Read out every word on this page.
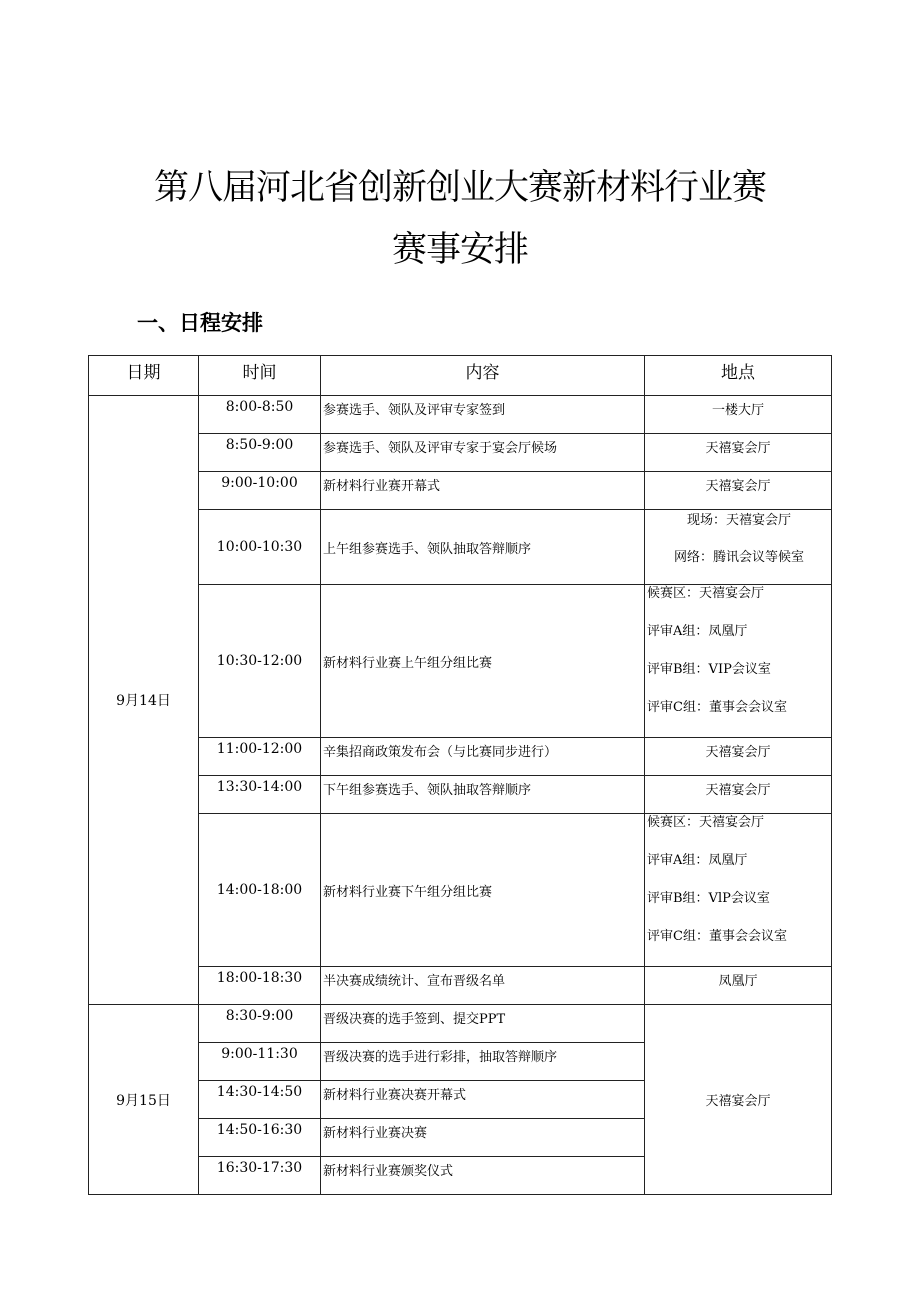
第八届河北省创新创业大赛新材料行业赛
赛事安排
一、日程安排
日期	时间	内容	地点
9月14日	8:00-8:50	参赛选手、领队及评审专家签到	一楼大厅
	8:50-9:00	参赛选手、领队及评审专家于宴会厅候场	天禧宴会厅
	9:00-10:00	新材料行业赛开幕式	天禧宴会厅
	10:00-10:30	上午组参赛选手、领队抽取答辩顺序	现场：天禧宴会厅
网络：腾讯会议等候室

	10:30-12:00	新材料行业赛上午组分组比赛	候赛区：天禧宴会厅
评审A组：凤凰厅
评审B组：VIP会议室
评审C组：董事会会议室

	11:00-12:00	辛集招商政策发布会（与比赛同步进行）	天禧宴会厅
	13:30-14:00	下午组参赛选手、领队抽取答辩顺序	天禧宴会厅
	14:00-18:00	新材料行业赛下午组分组比赛	候赛区：天禧宴会厅
评审A组：凤凰厅
评审B组：VlP会议室
评审C组：董事会会议室

	18:00-18:30	半决赛成绩统计、宣布晋级名单	凤凰厅
9月15日	8:30-9:00	晋级决赛的选手签到、提交PPT	天禧宴会厅
	9:00-11:30	晋级决赛的选手进行彩排，抽取答辩顺序	
	14:30-14:50	新材料行业赛决赛开幕式	
	14:50-16:30	新材料行业赛决赛	
	16:30-17:30	新材料行业赛颁奖仪式	
